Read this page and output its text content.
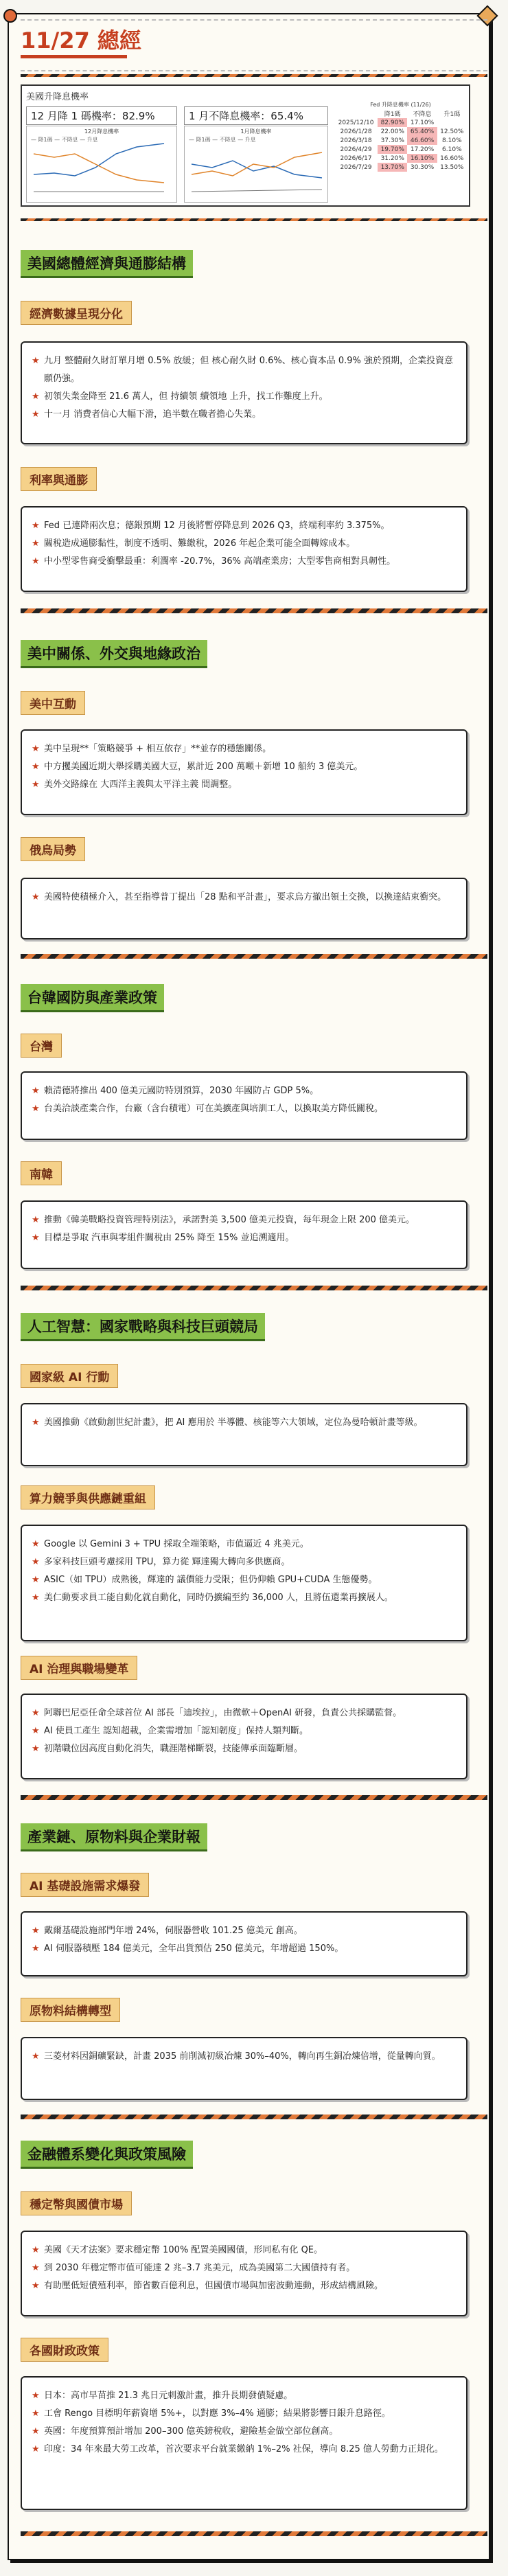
11/27 總經
美國升降息機率
12 月降 1 碼機率：82.9%	1 月不降息機率：65.4%
12月降息機率
— 降1碼 — 不降息 — 升息
1月降息機率
— 降1碼 — 不降息 — 升息
Fed 升降息機率 (11/26)
	降1碼	不降息	升1碼
2025/12/10	82.90%	17.10%	
2026/1/28	22.00%	65.40%	12.50%
2026/3/18	37.30%	46.60%	8.10%
2026/4/29	19.70%	17.20%	6.10%
2026/6/17	31.20%	16.10%	16.60%
2026/7/29	13.70%	30.30%	13.50%
美國總體經濟與通膨結構
經濟數據呈現分化
★ 九月 整體耐久財訂單月增 0.5% 放緩；但 核心耐久財 0.6%、核心資本品 0.9% 強於預期，企業投資意願仍強。
★ 初領失業金降至 21.6 萬人，但 持續領 續領地 上升，找工作難度上升。
★ 十一月 消費者信心大幅下滑，追半數在職者擔心失業。
利率與通膨
★ Fed 已連降兩次息；德銀預期 12 月後將暫停降息到 2026 Q3，終端利率約 3.375%。
★ 關稅造成通膨黏性，制度不透明、難繳稅，2026 年起企業可能全面轉嫁成本。
★ 中小型零售商受衝擊最重：利潤率 -20.7%，36% 高端產業房；大型零售商相對具韌性。
美中關係、外交與地緣政治
美中互動
★ 美中呈現**「策略競爭 + 相互依存」**並存的穩態關係。
★ 中方攫美國近期大舉採購美國大豆，累計近 200 萬噸＋新增 10 船約 3 億美元。
★ 美外交路線在 大西洋主義與太平洋主義 間調整。
俄烏局勢
★ 美國特使積極介入，甚至指導普丁提出「28 點和平計畫」，要求烏方撤出領土交換，以換達結束衝突。
台韓國防與產業政策
台灣
★ 賴清德將推出 400 億美元國防特別預算，2030 年國防占 GDP 5%。
★ 台美洽談產業合作，台廠（含台積電）可在美擴產與培訓工人，以換取美方降低關稅。
南韓
★ 推動《韓美戰略投資管理特別法》，承諾對美 3,500 億美元投資，每年現金上限 200 億美元。
★ 目標是爭取 汽車與零組件關稅由 25% 降至 15% 並追溯適用。
人工智慧：國家戰略與科技巨頭競局
國家級 AI 行動
★ 美國推動《啟動創世紀計畫》，把 AI 應用於 半導體、核能等六大領域，定位為曼哈頓計畫等級。
算力競爭與供應鏈重組
★ Google 以 Gemini 3 + TPU 採取全端策略，市值逼近 4 兆美元。
★ 多家科技巨頭考慮採用 TPU，算力從 輝達獨大轉向多供應商。
★ ASIC（如 TPU）成熟後，輝達的 議價能力受限；但仍仰賴 GPU+CUDA 生態優勢。
★ 美仁動要求員工能自動化就自動化，同時仍擴編至約 36,000 人，且將伍還業再擴展人。
AI 治理與職場變革
★ 阿聯巴尼亞任命全球首位 AI 部長「迪埃拉」，由微軟＋OpenAI 研發，負責公共採購監督。
★ AI 使員工產生 認知超載，企業需增加「認知韌度」保持人類判斷。
★ 初階職位因高度自動化消失，職涯階梯斷裂，技能傳承面臨斷層。
產業鏈、原物料與企業財報
AI 基礎設施需求爆發
★ 戴爾基礎設施部門年增 24%，伺服器營收 101.25 億美元 創高。
★ AI 伺服器積壓 184 億美元，全年出貨預估 250 億美元，年增超過 150%。
原物料結構轉型
★ 三菱材料因銅礦緊缺，計畫 2035 前削減初級冶煉 30%–40%，轉向再生銅冶煉倍增，從量轉向質。
金融體系變化與政策風險
穩定幣與國債市場
★ 美國《天才法案》要求穩定幣 100% 配置美國國債，形同私有化 QE。
★ 到 2030 年穩定幣市值可能達 2 兆–3.7 兆美元，成為美國第二大國債持有者。
★ 有助壓低短債殖利率，節省數百億利息，但國債市場與加密波動連動，形成結構風險。
各國財政政策
★ 日本：高市早苗推 21.3 兆日元刺激計畫，推升長期發債疑慮。
★ 工會 Rengo 目標明年薪資增 5%+，以對應 3%–4% 通膨；結果將影響日銀升息路徑。
★ 英國：年度預算預計增加 200–300 億英鎊稅收，避險基金做空部位創高。
★ 印度：34 年來最大勞工改革，首次要求平台就業繳納 1%–2% 社保，導向 8.25 億人勞動力正規化。
